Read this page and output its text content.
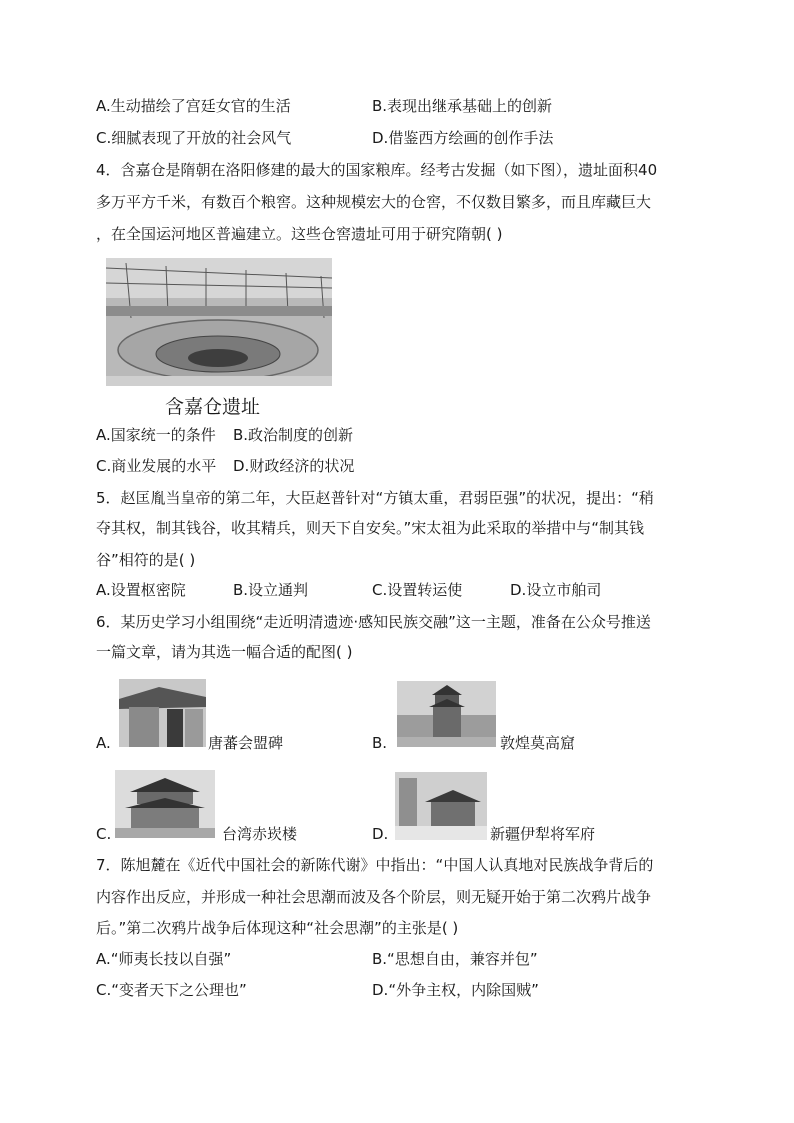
A.生动描绘了宫廷女官的生活	B.表现出继承基础上的创新
C.细腻表现了开放的社会风气	D.借鉴西方绘画的创作手法
4．含嘉仓是隋朝在洛阳修建的最大的国家粮库。经考古发掘（如下图），遗址面积40
多万平方千米，有数百个粮窖。这种规模宏大的仓窖，不仅数目繁多，而且库藏巨大
，在全国运河地区普遍建立。这些仓窖遗址可用于研究隋朝( )
含嘉仓遗址
A.国家统一的条件 B.政治制度的创新
C.商业发展的水平 D.财政经济的状况
5．赵匡胤当皇帝的第二年，大臣赵普针对“方镇太重，君弱臣强”的状况，提出：“稍
夺其权，制其钱谷，收其精兵，则天下自安矣。”宋太祖为此采取的举措中与“制其钱
谷”相符的是( )
A.设置枢密院	B.设立通判	C.设置转运使	D.设立市舶司
6．某历史学习小组围绕“走近明清遗迹·感知民族交融”这一主题，准备在公众号推送
一篇文章，请为其选一幅合适的配图( )
A.	唐蕃会盟碑	B.	敦煌莫高窟
C.	台湾赤崁楼	D.	新疆伊犁将军府
7．陈旭麓在《近代中国社会的新陈代谢》中指出：“中国人认真地对民族战争背后的
内容作出反应，并形成一种社会思潮而波及各个阶层，则无疑开始于第二次鸦片战争
后。”第二次鸦片战争后体现这种“社会思潮”的主张是( )
A.“师夷长技以自强”	B.“思想自由，兼容并包”
C.“变者天下之公理也”	D.“外争主权，内除国贼”
